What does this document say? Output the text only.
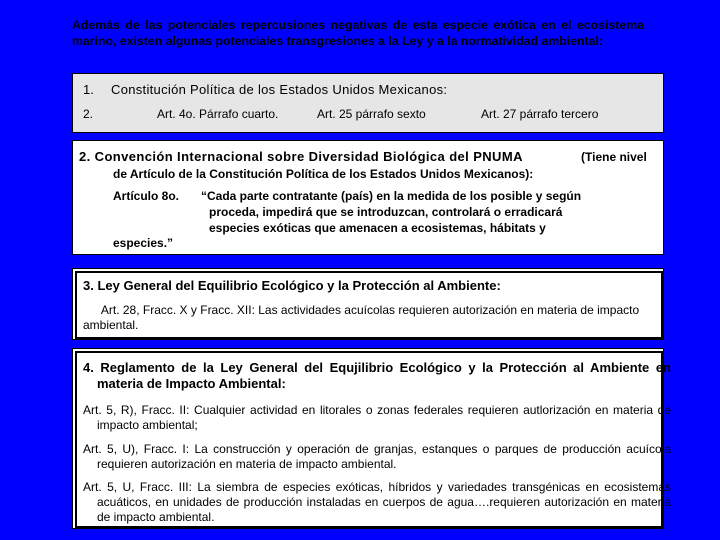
Además de las potenciales repercusiones negativas de esta especie exótica en el ecosistema marino, existen algunas potenciales transgresiones a la Ley y a la normatividad ambiental:
1. Constitución Política de los Estados Unidos Mexicanos:
2.	Art. 4o. Párrafo cuarto.	Art. 25 párrafo sexto	Art. 27 párrafo tercero
2. Convención Internacional sobre Diversidad Biológica del PNUMA	(Tiene nivel
de Artículo de la Constitución Política de los Estados Unidos Mexicanos):
Artículo 8o. “Cada parte contratante (país) en la medida de los posible y según
proceda, impedirá que se introduzcan, controlará o erradicará
especies exóticas que amenacen a ecosistemas, hábitats y
especies.”
3. Ley General del Equilibrio Ecológico y la Protección al Ambiente:
Art. 28, Fracc. X y Fracc. XII: Las actividades acuícolas requieren autorización en materia de impacto ambiental.
4. Reglamento de la Ley General del Equjilibrio Ecológico y la Protección al Ambiente en materia de Impacto Ambiental:
Art. 5, R), Fracc. II: Cualquier actividad en litorales o zonas federales requieren autlorización en materia de impacto ambiental;
Art. 5, U), Fracc. I: La construcción y operación de granjas, estanques o parques de producción acuícola requieren autorización en materia de impacto ambiental.
Art. 5, U, Fracc. III: La siembra de especies exóticas, híbridos y variedades transgénicas en ecosistemas acuáticos, en unidades de producción instaladas en cuerpos de agua….requieren autorización en materia de impacto ambiental.
